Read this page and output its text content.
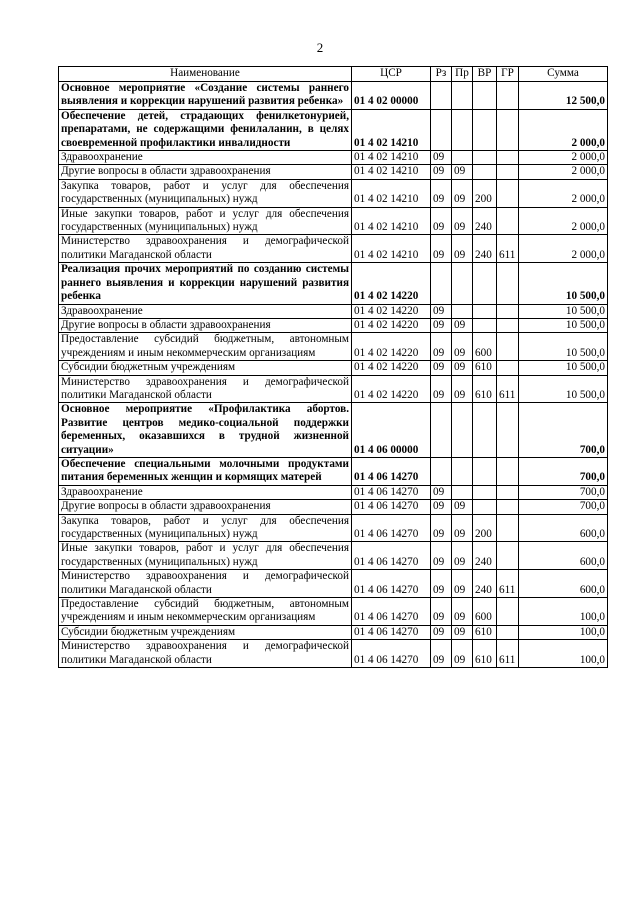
2
Наименование	ЦСР	Рз	Пр	ВР	ГР	Сумма
Основное мероприятие «Создание системы раннего выявления и коррекции нарушений развития ребенка»	01 4 02 00000					12 500,0
Обеспечение детей, страдающих фенилкетонурией, препаратами, не содержащими фенилаланин, в целях своевременной профилактики инвалидности	01 4 02 14210					2 000,0
Здравоохранение	01 4 02 14210	09				2 000,0
Другие вопросы в области здравоохранения	01 4 02 14210	09	09			2 000,0
Закупка товаров, работ и услуг для обеспечения государственных (муниципальных) нужд	01 4 02 14210	09	09	200		2 000,0
Иные закупки товаров, работ и услуг для обеспечения государственных (муниципальных) нужд	01 4 02 14210	09	09	240		2 000,0
Министерство здравоохранения и демографической политики Магаданской области	01 4 02 14210	09	09	240	611	2 000,0
Реализация прочих мероприятий по созданию системы раннего выявления и коррекции нарушений развития ребенка	01 4 02 14220					10 500,0
Здравоохранение	01 4 02 14220	09				10 500,0
Другие вопросы в области здравоохранения	01 4 02 14220	09	09			10 500,0
Предоставление субсидий бюджетным, автономным учреждениям и иным некоммерческим организациям	01 4 02 14220	09	09	600		10 500,0
Субсидии бюджетным учреждениям	01 4 02 14220	09	09	610		10 500,0
Министерство здравоохранения и демографической политики Магаданской области	01 4 02 14220	09	09	610	611	10 500,0
Основное мероприятие «Профилактика абортов. Развитие центров медико-социальной поддержки беременных, оказавшихся в трудной жизненной ситуации»	01 4 06 00000					700,0
Обеспечение специальными молочными продуктами питания беременных женщин и кормящих матерей	01 4 06 14270					700,0
Здравоохранение	01 4 06 14270	09				700,0
Другие вопросы в области здравоохранения	01 4 06 14270	09	09			700,0
Закупка товаров, работ и услуг для обеспечения государственных (муниципальных) нужд	01 4 06 14270	09	09	200		600,0
Иные закупки товаров, работ и услуг для обеспечения государственных (муниципальных) нужд	01 4 06 14270	09	09	240		600,0
Министерство здравоохранения и демографической политики Магаданской области	01 4 06 14270	09	09	240	611	600,0
Предоставление субсидий бюджетным, автономным учреждениям и иным некоммерческим организациям	01 4 06 14270	09	09	600		100,0
Субсидии бюджетным учреждениям	01 4 06 14270	09	09	610		100,0
Министерство здравоохранения и демографической политики Магаданской области	01 4 06 14270	09	09	610	611	100,0
